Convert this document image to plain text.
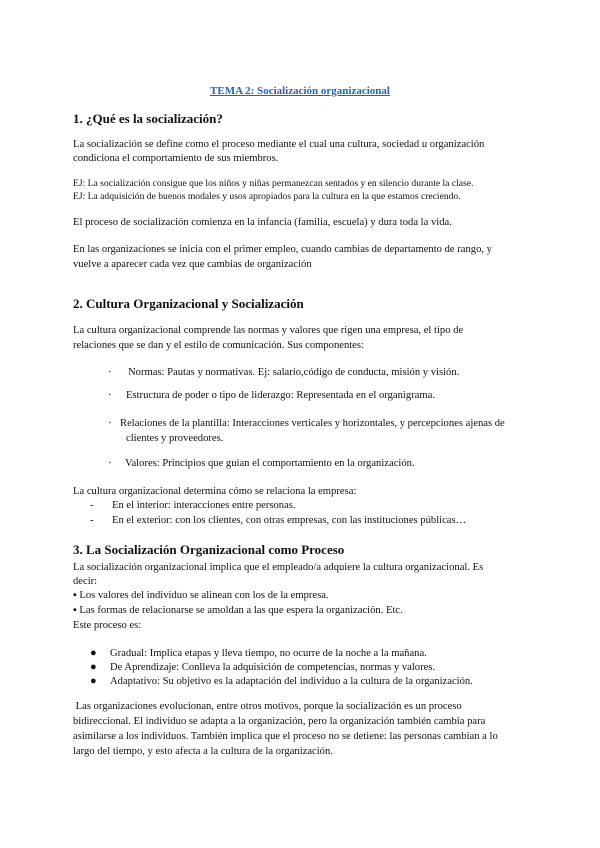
TEMA 2: Socialización organizacional
1. ¿Qué es la socialización?

La socialización se define como el proceso mediante el cual una cultura, sociedad u organización

condiciona el comportamiento de sus miembros.

EJ: La socialización consigue que los niños y niñas permanezcan sentados y en silencio durante la clase.

EJ: La adquisición de buenos modales y usos apropiados para la cultura en la que estamos creciendo.

El proceso de socialización comienza en la infancia (familia, escuela) y dura toda la vida.

En las organizaciones se inicia con el primer empleo, cuando cambias de departamento de rango, y

vuelve a aparecer cada vez que cambias de organización

2. Cultura Organizacional y Socialización

La cultura organizacional comprende las normas y valores que rigen una empresa, el tipo de

relaciones que se dan y el estilo de comunicación. Sus componentes:

· Normas: Pautas y normativas. Ej: salario,código de conducta, misión y visión.
· Estructura de poder o tipo de liderazgo: Representada en el organigrama.
· Relaciones de la plantilla: Interacciones verticales y horizontales, y percepciones ajenas de

clientes y proveedores.

· Valores: Principios que guían el comportamiento en la organización.

La cultura organizacional determina cómo se relaciona la empresa:

- En el interior: interacciones entre personas.
- En el exterior: con los clientes, con otras empresas, con las instituciones públicas…
3. La Socialización Organizacional como Proceso

La socialización organizacional implica que el empleado/a adquiere la cultura organizacional. Es

decir:

▪ Los valores del individuo se alinean con los de la empresa.

▪ Las formas de relacionarse se amoldan a las que espera la organización. Etc.

Este proceso es:

● Gradual: Implica etapas y lleva tiempo, no ocurre de la noche a la mañana.
● De Aprendizaje: Conlleva la adquisición de competencias, normas y valores.
● Adaptativo: Su objetivo es la adaptación del individuo a la cultura de la organización.

Las organizaciones evolucionan, entre otros motivos, porque la socialización es un proceso

bidireccional. El individuo se adapta a la organización, pero la organización también cambia para

asimilarse a los individuos. También implica que el proceso no se detiene: las personas cambian a lo

largo del tiempo, y esto afecta a la cultura de la organización.
